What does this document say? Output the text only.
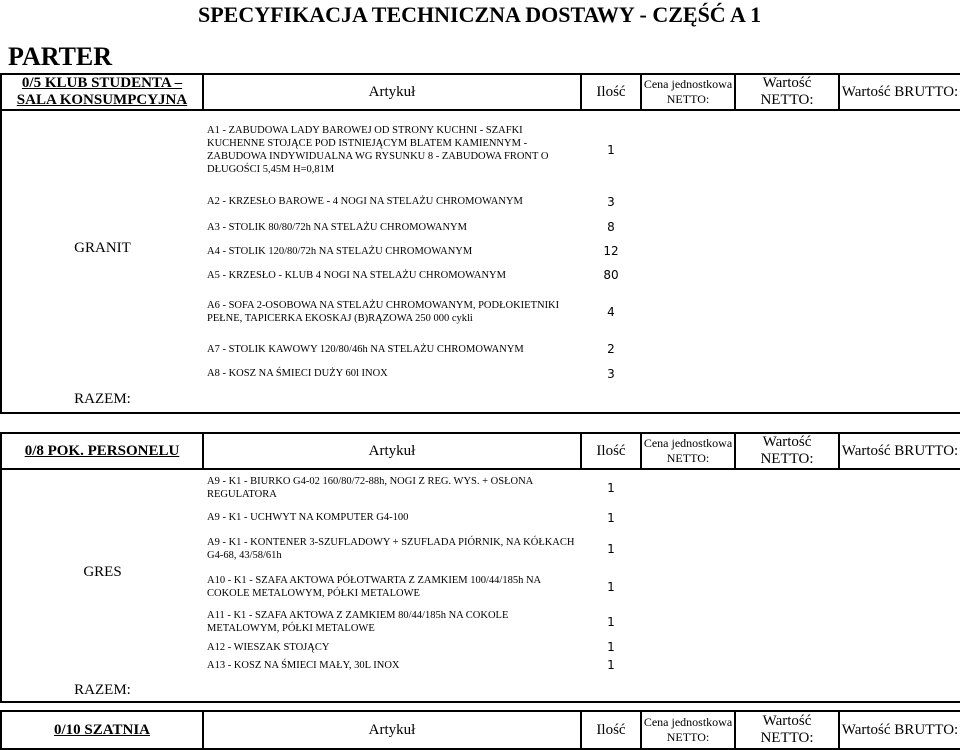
SPECYFIKACJA TECHNICZNA DOSTAWY - CZĘŚĆ A 1
PARTER
0/5 KLUB STUDENTA – SALA KONSUMPCYJNA	Artykuł	Ilość	Cena jednostkowa
NETTO:	Wartość NETTO:	Wartość BRUTTO:
GRANIT	A1 - ZABUDOWA LADY BAROWEJ OD STRONY KUCHNI - SZAFKI KUCHENNE STOJĄCE POD ISTNIEJĄCYM BLATEM KAMIENNYM - ZABUDOWA INDYWIDUALNA WG RYSUNKU 8 - ZABUDOWA FRONT O DŁUGOŚCI 5,45M H=0,81M	1			
	A2 - KRZESŁO BAROWE - 4 NOGI NA STELAŻU CHROMOWANYM	3			
	A3 - STOLIK 80/80/72h NA STELAŻU CHROMOWANYM	8			
	A4 - STOLIK 120/80/72h NA STELAŻU CHROMOWANYM	12			
	A5 - KRZESŁO - KLUB 4 NOGI NA STELAŻU CHROMOWANYM	80			
	A6 - SOFA 2-OSOBOWA NA STELAŻU CHROMOWANYM, PODŁOKIETNIKI PEŁNE, TAPICERKA EKOSKAJ (B)RĄZOWA 250 000 cykli	4			
	A7 - STOLIK KAWOWY 120/80/46h NA STELAŻU CHROMOWANYM	2			
	A8 - KOSZ NA ŚMIECI DUŻY 60l INOX	3			
RAZEM:					
0/8 POK. PERSONELU	Artykuł	Ilość	Cena jednostkowa
NETTO:	Wartość NETTO:	Wartość BRUTTO:
GRES	A9 - K1 - BIURKO G4-02 160/80/72-88h, NOGI Z REG. WYS. + OSŁONA REGULATORA	1			
	A9 - K1 - UCHWYT NA KOMPUTER G4-100	1			
	A9 - K1 - KONTENER 3-SZUFLADOWY + SZUFLADA PIÓRNIK, NA KÓŁKACH G4-68, 43/58/61h	1			
	A10 - K1 - SZAFA AKTOWA PÓŁOTWARTA Z ZAMKIEM 100/44/185h NA COKOLE METALOWYM, PÓŁKI METALOWE	1			
	A11 - K1 - SZAFA AKTOWA Z ZAMKIEM 80/44/185h NA COKOLE METALOWYM, PÓŁKI METALOWE	1			
	A12 - WIESZAK STOJĄCY	1			
	A13 - KOSZ NA ŚMIECI MAŁY, 30L INOX	1			
RAZEM:					
0/10 SZATNIA	Artykuł	Ilość	Cena jednostkowa
NETTO:
	Wartość NETTO:	Wartość BRUTTO:
